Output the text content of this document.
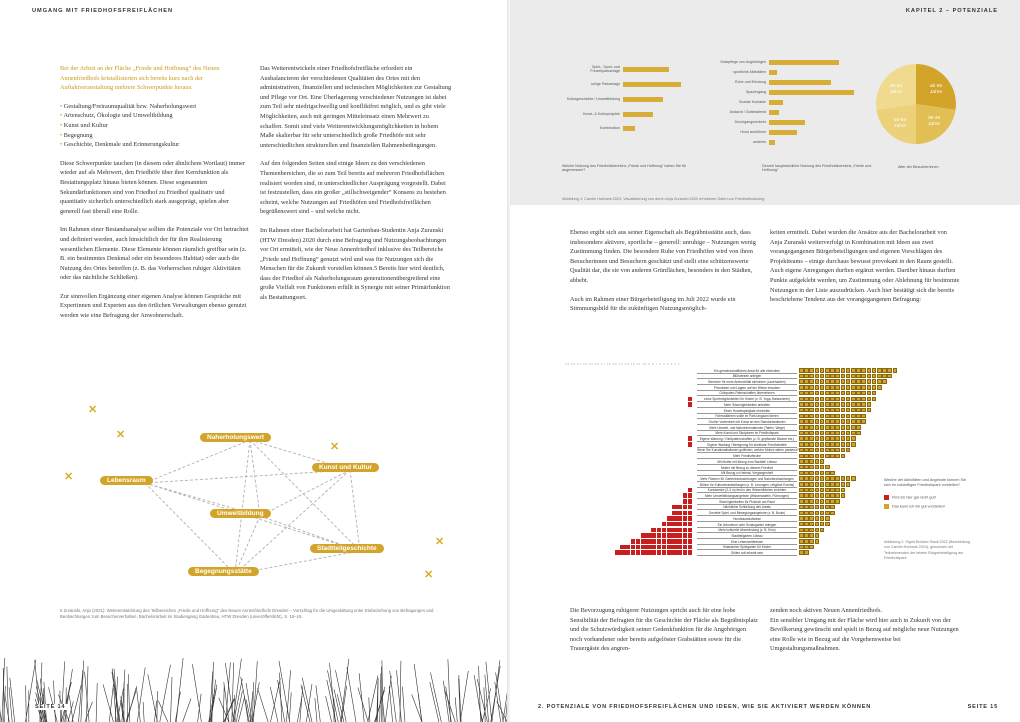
UMGANG MIT FRIEDHOFSFREIFLÄCHEN

Bei der Arbeit an der Fläche „Friede und Hoffnung“ des Neuen Annenfriedhofs kristallisierten sich bereits kurz nach der Auftaktveranstaltung mehrere Schwerpunkte heraus:

• Gestaltung/Freiraumqualität bzw. Naherholungswert
• Artenschutz, Ökologie und Umweltbildung
• Kunst und Kultur
• Begegnung
• Geschichte, Denkmale und Erinnerungskultur

Diese Schwerpunkte tauchen (in diesem oder ähnlichem Wortlaut) immer wieder auf als Mehrwert, den Friedhöfe über ihre Kernfunktion als Bestattungsplatz hinaus bieten können. Diese sogenannten Sekundärfunktionen sind von Friedhof zu Friedhof qualitativ und quantitativ sicherlich unterschiedlich stark ausgeprägt, spielen aber generell fast überall eine Rolle.

Im Rahmen einer Bestandsanalyse sollten die Potenziale vor Ort betrachtet und definiert werden, auch hinsichtlich der für ihre Realisierung wesentlichen Elemente. Diese Elemente können räumlich greifbar sein (z. B. ein bestimmtes Denkmal oder ein besonderes Habitat) oder auch die Nutzung des Ortes betreffen (z. B. das Vorherrschen ruhiger Aktivitäten oder das nächtliche Schließen).

Zur sinnvollen Ergänzung einer eigenen Analyse können Gespräche mit Expertinnen und Experten aus den örtlichen Verwaltungen ebenso genutzt werden wie eine Befragung der Anwohnerschaft.

Das Weiterentwickeln einer Friedhofsfreifläche erfordert ein Ausbalancieren der verschiedenen Qualitäten des Ortes mit den administrativen, finanziellen und technischen Möglichkeiten zur Gestaltung und Pflege vor Ort. Eine Überlagerung verschiedener Nutzungen ist dabei zum Teil sehr niedrigschwellig und konfliktfrei möglich, und es gibt viele Möglichkeiten, auch mit geringen Mitteleinsatz einen Mehrwert zu schaffen. Somit sind viele Weiterentwicklungsmöglichkeiten in hohem Maße skalierbar für sehr unterschiedlich große Friedhöfe mit sehr unterschiedlichen strukturellen und finanziellen Rahmenbedingungen.

Auf den folgenden Seiten sind einige Ideen zu den verschiedenen Themenbereichen, die so zum Teil bereits auf mehreren Friedhofsflächen realisiert worden sind, in unterschiedlicher Ausprägung vorgestellt. Dabei ist festzustellen, dass ein großer „stillschweigender“ Konsens zu bestehen scheint, welche Nutzungen auf Friedhöfen und Friedhofsfreiflächen begrüßenswert sind – und welche nicht.

Im Rahmen einer Bachelorarbeit hat Gartenbau-Studentin Anja Zuranski (HTW Dresden) 2020 durch eine Befragung und Nutzungsbeobachtungen vor Ort ermittelt, wie der Neue Annenfriedhof inklusive des Teilbereichs „Friede und Hoffnung“ genutzt wird und was für Nutzungen sich die Menschen für die Zukunft vorstellen können.5 Bereits hier wird deutlich, dass der Friedhof als Naherholungsraum generationenübergreifend eine große Vielfalt von Funktionen erfüllt in Synergie mit seiner Primärfunktion als Bestattungsort.

Naherholungswert
Lebensraum
Kunst und Kultur
Umweltbildung
Stadtteilgeschichte
Begegnungsstätte
✕
✕
✕
✕
✕
✕
5 Zuranski, Anja (2021): Weiterentwicklung des Teilbereiches „Friede und Hoffnung“ des Neuen Annenfriedhofs Dresden – Vorschlag für die Umgestaltung unter Einbeziehung von Befragungen und Beobachtungen zum Besucherverhalten, Bachelorarbeit im Studiengang Gartenbau, HTW Dresden (unveröffentlicht), S. 16–19.
SEITE 14
KAPITEL 2 – POTENZIALE
Spiel-, Sport- und Freizeitparkanlage
ruhige Parkanlage
Kulturgeschichte / Umweltbildung
Kunst- & Kulturprojekte
Kombination
Welche Nutzung des Friedhofsbereichs „Friede und Hoffnung“ haben Sie für angemessen?
Grabpflege von Angehörigen
sportliche Aktivitäten
Ruhe und Erholung
Spaziergang
Soziale Kontakte
Andacht / Gottesdienst
Durchgangsverkehr
Hund ausführen
anderes
Derzeit hauptsächliche Nutzung des Friedhofsbereichs „Friede und Hoffnung“
20-34 Jahre
ab 65 Jahre
50-64 Jahre
35-49 Jahre
Alter der Besucher/innen
Abbildung 1: Carolin Horbank 2023, Visualisierung von durch Anja Zuranski 2020 erhobener Daten zur Friedhofsnutzung

Ebenso ergibt sich aus seiner Eigenschaft als Begräbnisstätte auch, dass insbesondere aktivere, sportliche – generell: unruhige – Nutzungen wenig Zustimmung finden. Die besondere Ruhe von Friedhöfen wird von ihren Besucherinnen und Besuchern geschätzt und stellt eine schützenswerte Qualität dar, die sie von anderen Grünflächen, besonders in den Städten, abhebt.

Auch im Rahmen einer Bürgerbeteiligung im Juli 2022 wurde ein Stimmungsbild für die zukünftigen Nutzungsmöglich-

keiten ermittelt. Dabei wurden die Ansätze aus der Bachelorarbeit von Anja Zuranski weiterverfolgt in Kombination mit Ideen aus zwei vorangegangenen Bürgerbeteiligungen und eigenen Vorschlägen des Projektteams – einige durchaus bewusst provokant in den Raum gestellt. Auch eigene Anregungen durften ergänzt werden. Darüber hinaus durften Punkte aufgeklebt werden, um Zustimmung oder Ablehnung für bestimmte Nutzungen in der Liste auszudrücken. Auch hier bestätigt sich die bereits beschriebene Tendenz aus der vorangegangenen Befragung:

23 22 21 20 19 18 17 16 15 14 13 12 11 10 9 8 7 6 5 4 3 2 1
Ein gemeinschaftliches Areal für alle einrichten
Blühwiesen anlegen
Bereiche für mehr Artenvielfalt einrichten (Laubhaufen)
Picknicken und Lagern auf der Wiese erlauben
Grünpaten-Patenschaften übernehmen
Leise Sportmöglichkeiten für Kinder (z. B. Yoga, Balancieren)
Mehr Sitzmöglichkeiten anbieten
Einen Hundespielplatz einrichten
Fahrradfahren sollte im Park langsam fahren
Großer Vorbereich mit Kunst an den Standortstationen
Mehr Umwelt- und Naturinformationen (Tafeln, Wege)
Mehr Kunst und Skulpturen im Friedhofspark
Eigene Wartung / Gießpatenschaften (z. B. gepflanzte Bäume etc.)
Eigene Wartung / Beregnung für sichtbare Friedhofsteile
Wenn Sie Kunstinstallationen gutfinden, welche Motive wären passend?
Mehr Friedhofsruhe
Mit Mutter mit Bezug zum Stadtteil Löbtau
Mutter mit Bezug zu diesem Friedhof
Mit Bezug zu Heimat, Vergangenheit
Mehr Flächen für Gartenbeobachtungen und Naturbeobachtungen
Bühne für Kulturveranstaltungen (z. B. Lesungen, religiöse Events)
Kunstwerke (2-3 m) fest in den Wiesenflächen errichten
Mehr Umweltbildungsangebote (Wissenstafeln, Führungen)
Sitzmöglichkeiten für Picknick am Rand
Nächtliche Schließung des Areals
Gezielte Spiel- und Bewegungsangebote (z. B. Boule)
Hundeauslaufwiese
Ein Arboretum oder Schaugarten anlegen
Mehr kulturelle Abwechslung (z. B. Kino)
Stadtteilgarten Löbtau
Eine Lebensmittelecke
Klassischer Spielgarten für Kinder
Grillen soll erlaubt sein
Welche der Aktivitäten und Angebote können Sie sich im zukünftigen Friedhofspark vorstellen?
Find ich hier gar nicht gut!
Das kann ich mir gut vorstellen!
Abbildung 2: Sigrid Brücker-Stadt 2022 (Bearbeitung von Carolin Horbank 2024), gewonnen mit Teilnehmenden der letzten Bürgerbeteiligung am Friedhofspark

Die Bevorzugung ruhigerer Nutzungen spricht auch für eine hohe Sensibilität der Befragten für die Geschichte der Fläche als Begräbnisplatz und die Schutzwürdigkeit seiner Gedenkfunktion für die Angehörigen noch vorhandener oder bereits aufgelöster Grabstätten sowie für die Trauergäste des angren-

zenden noch aktiven Neuen Annenfriedhofs.
Ein sensibler Umgang mit der Fläche wird hier auch in Zukunft von der Bevölkerung gewünscht und spielt in Bezug auf mögliche neue Nutzungen eine Rolle wie in Bezug auf die Vorgehensweise bei Umgestaltungsmaßnahmen.

2. POTENZIALE VON FRIEDHOFSFREIFLÄCHEN UND IDEEN, WIE SIE AKTIVIERT WERDEN KÖNNEN	SEITE 15
